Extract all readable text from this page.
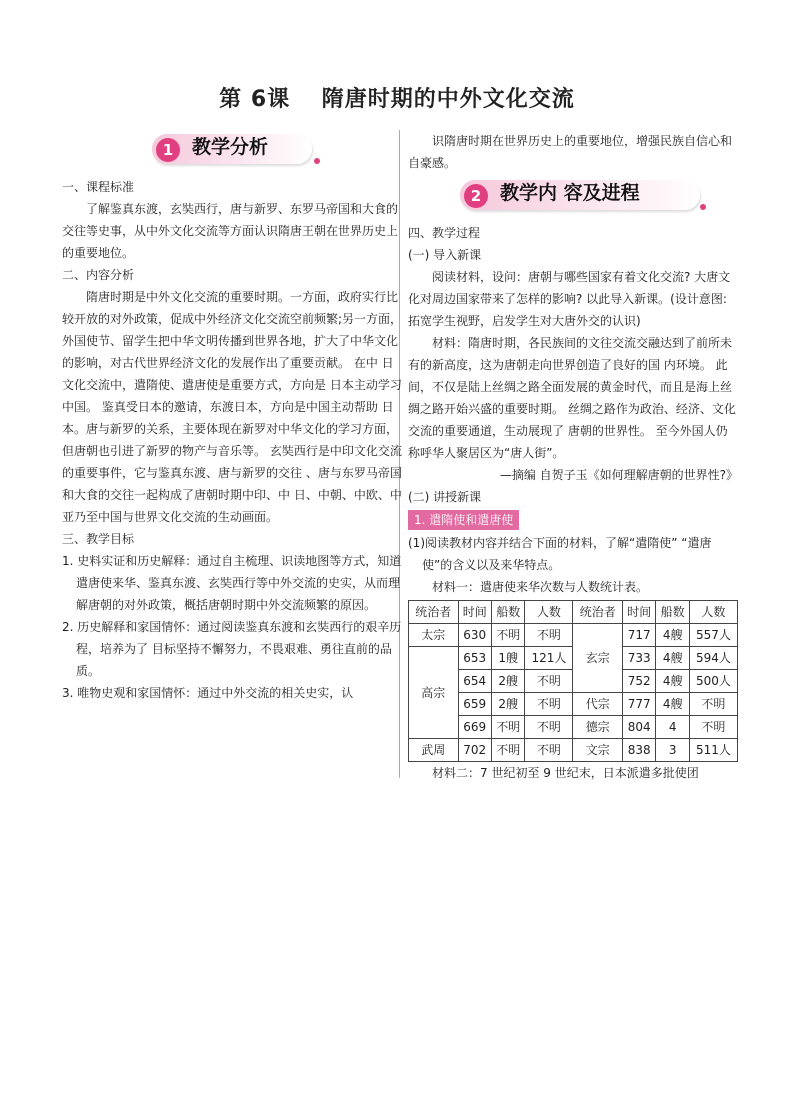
第 6课　 隋唐时期的中外文化交流
1 教学分析

一、课程标准

了解鉴真东渡，玄奘西行，唐与新罗、东罗马帝国和大食的交往等史事，从中外文化交流等方面认识隋唐王朝在世界历史上的重要地位。

二、内容分析

隋唐时期是中外文化交流的重要时期。一方面，政府实行比较开放的对外政策，促成中外经济文化交流空前频繁;另一方面，外国使节、留学生把中华文明传播到世界各地，扩大了中华文化的影响，对古代世界经济文化的发展作出了重要贡献。 在中 日 文化交流中，遣隋使、遣唐使是重要方式，方向是 日本主动学习中国。 鉴真受日本的邀请，东渡日本，方向是中国主动帮助 日本。唐与新罗的关系，主要体现在新罗对中华文化的学习方面，但唐朝也引进了新罗的物产与音乐等。 玄奘西行是中印文化交流的重要事件，它与鉴真东渡、唐与新罗的交往 、唐与东罗马帝国和大食的交往一起构成了唐朝时期中印、中 日、中朝、中欧、中亚乃至中国与世界文化交流的生动画面。

三、教学目标

1. 史料实证和历史解释：通过自主梳理、识读地图等方式，知道遣唐使来华、鉴真东渡、玄奘西行等中外交流的史实，从而理解唐朝的对外政策，概括唐朝时期中外交流频繁的原因。

2. 历史解释和家国情怀：通过阅读鉴真东渡和玄奘西行的艰辛历程，培养为了 目标坚持不懈努力，不畏艰难、勇往直前的品质。

3. 唯物史观和家国情怀：通过中外交流的相关史实，认

识隋唐时期在世界历史上的重要地位，增强民族自信心和自豪感。

2 教学内 容及进程

四、教学过程

(一) 导入新课

阅读材料，设问：唐朝与哪些国家有着文化交流? 大唐文化对周边国家带来了怎样的影响? 以此导入新课。(设计意图:拓宽学生视野，启发学生对大唐外交的认识)

材料：隋唐时期，各民族间的文往交流交融达到了前所未有的新高度，这为唐朝走向世界创造了良好的国 内环境。 此间，不仅是陆上丝绸之路全面发展的黄金时代，而且是海上丝绸之路开始兴盛的重要时期。 丝绸之路作为政治、经济、文化交流的重要通道，生动展现了 唐朝的世界性。 至今外国人仍称呼华人聚居区为“唐人街”。

—摘编 自贺子玉《如何理解唐朝的世界性?》

(二) 讲授新课

1. 遣隋使和遣唐使

(1)阅读教材内容并结合下面的材料，了解“遣隋使” “遣唐使”的含义以及来华特点。

材料一：遣唐使来华次数与人数统计表。

统治者	时间	船数	人数	统治者	时间	船数	人数
太宗	630	不明	不明	玄宗	717	4艘	557人
高宗	653	1艘	121人		733	4艘	594人
	654	2艘	不明		752	4艘	500人
	659	2艘	不明	代宗	777	4艘	不明
	669	不明	不明	德宗	804	4	不明
武周	702	不明	不明	文宗	838	3	511人

材料二：7 世纪初至 9 世纪末，日本派遣多批使团
